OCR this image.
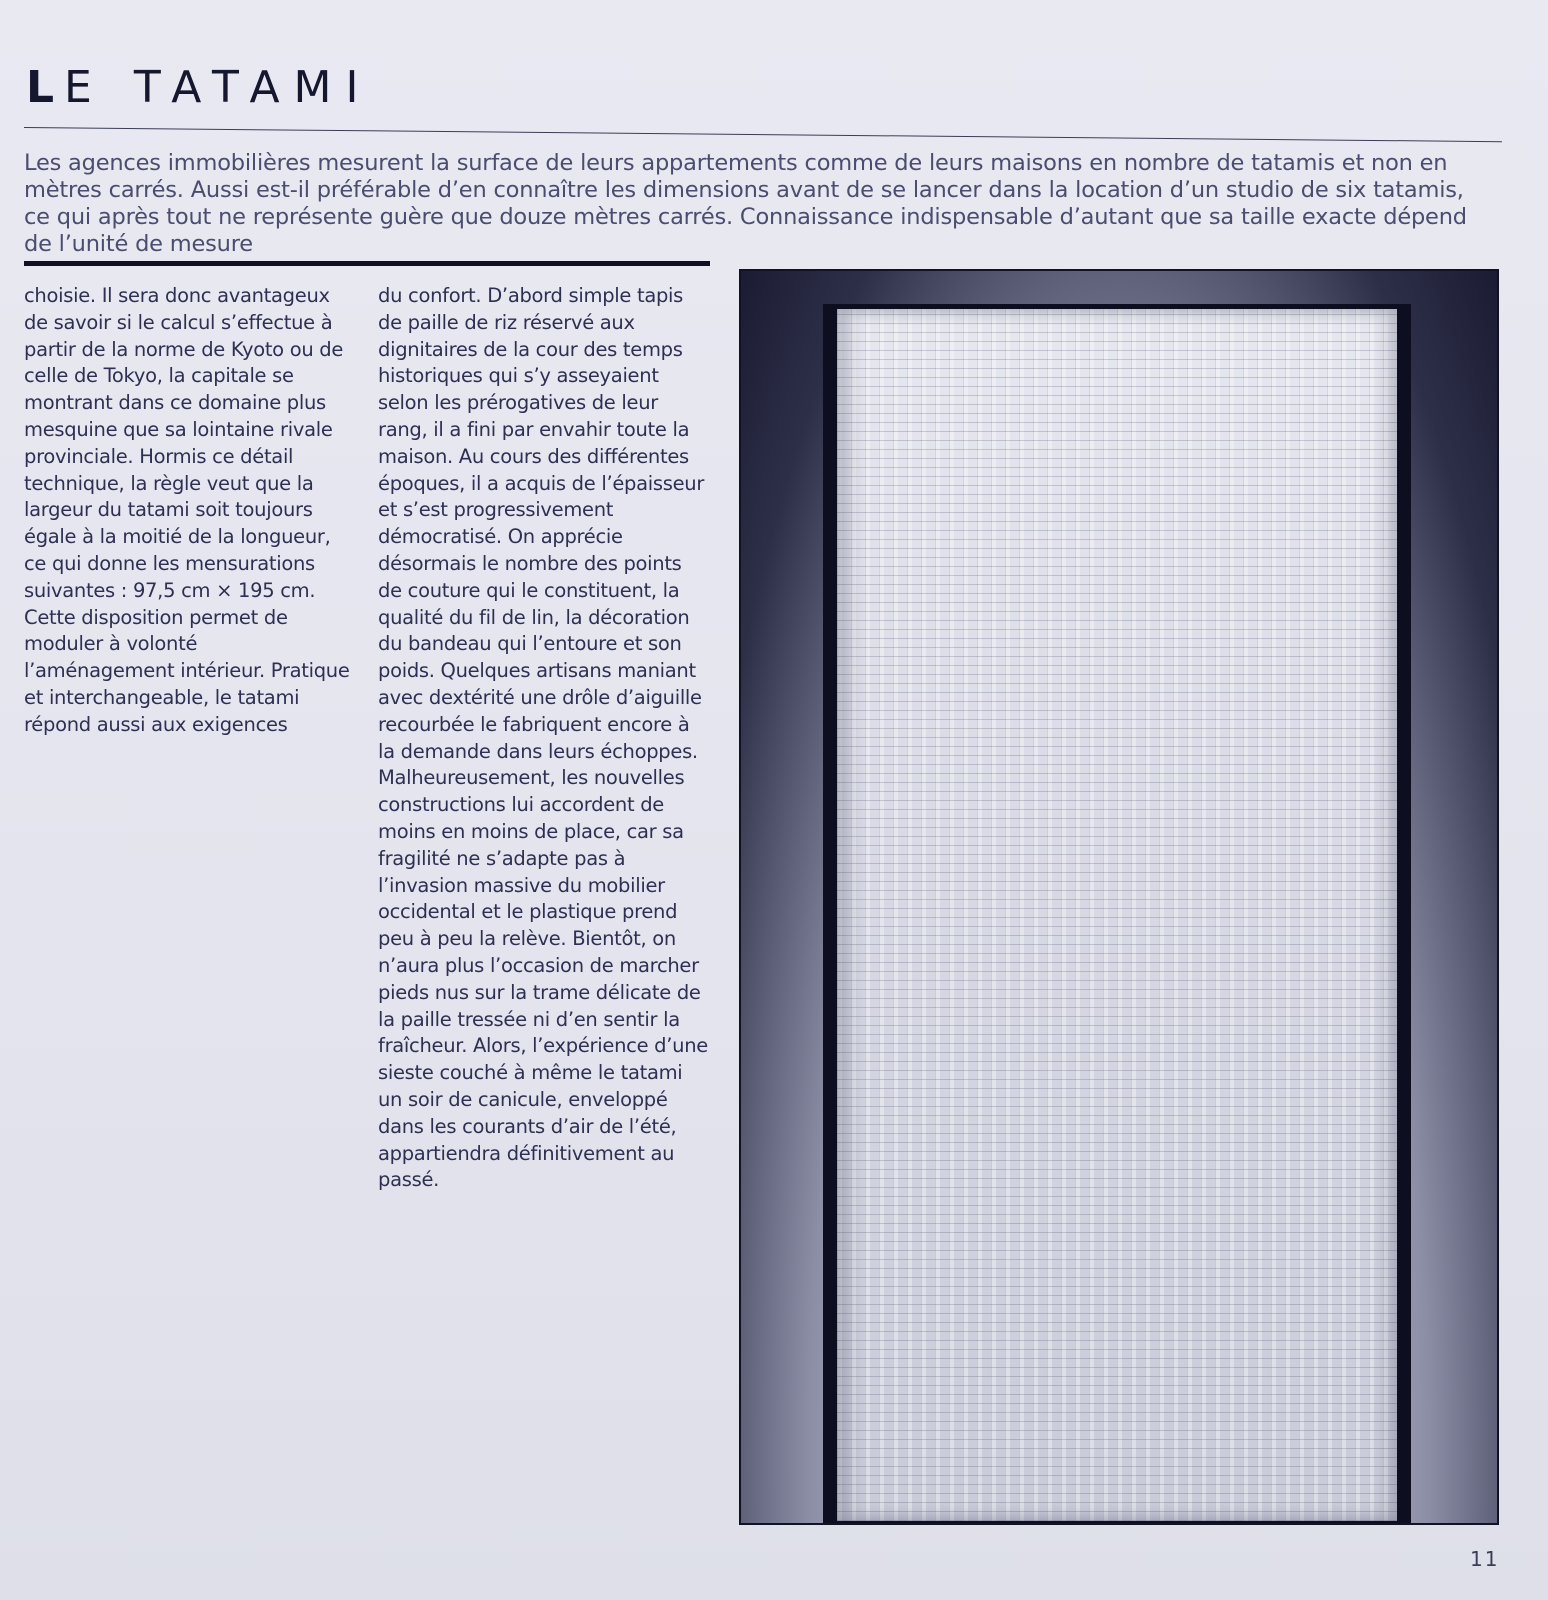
LE TATAMI

Les agences immobilières mesurent la surface de leurs appartements comme de leurs maisons en nombre de tatamis et non en mètres carrés. Aussi est-il préférable d’en connaître les dimensions avant de se lancer dans la location d’un studio de six tatamis, ce qui après tout ne représente guère que douze mètres carrés. Connaissance indispensable d’autant que sa taille exacte dépend de l’unité de mesure

choisie. Il sera donc avantageux de savoir si le calcul s’effectue à partir de la norme de Kyoto ou de celle de Tokyo, la capitale se montrant dans ce domaine plus mesquine que sa lointaine rivale provinciale. Hormis ce détail technique, la règle veut que la largeur du tatami soit toujours égale à la moitié de la longueur, ce qui donne les mensurations suivantes : 97,5 cm × 195 cm. Cette disposition permet de moduler à volonté l’aménagement intérieur. Pratique et interchangeable, le tatami répond aussi aux exigences

du confort. D’abord simple tapis de paille de riz réservé aux dignitaires de la cour des temps historiques qui s’y asseyaient selon les prérogatives de leur rang, il a fini par envahir toute la maison. Au cours des différentes époques, il a acquis de l’épaisseur et s’est progressivement démocratisé. On apprécie désormais le nombre des points de couture qui le constituent, la qualité du fil de lin, la décoration du bandeau qui l’entoure et son poids. Quelques artisans maniant avec dextérité une drôle d’aiguille recourbée le fabriquent encore à la demande dans leurs échoppes. Malheureusement, les nouvelles constructions lui accordent de moins en moins de place, car sa fragilité ne s’adapte pas à l’invasion massive du mobilier occidental et le plastique prend peu à peu la relève. Bientôt, on n’aura plus l’occasion de marcher pieds nus sur la trame délicate de la paille tressée ni d’en sentir la fraîcheur. Alors, l’expérience d’une sieste couché à même le tatami un soir de canicule, enveloppé dans les courants d’air de l’été, appartiendra définitivement au passé.

11
